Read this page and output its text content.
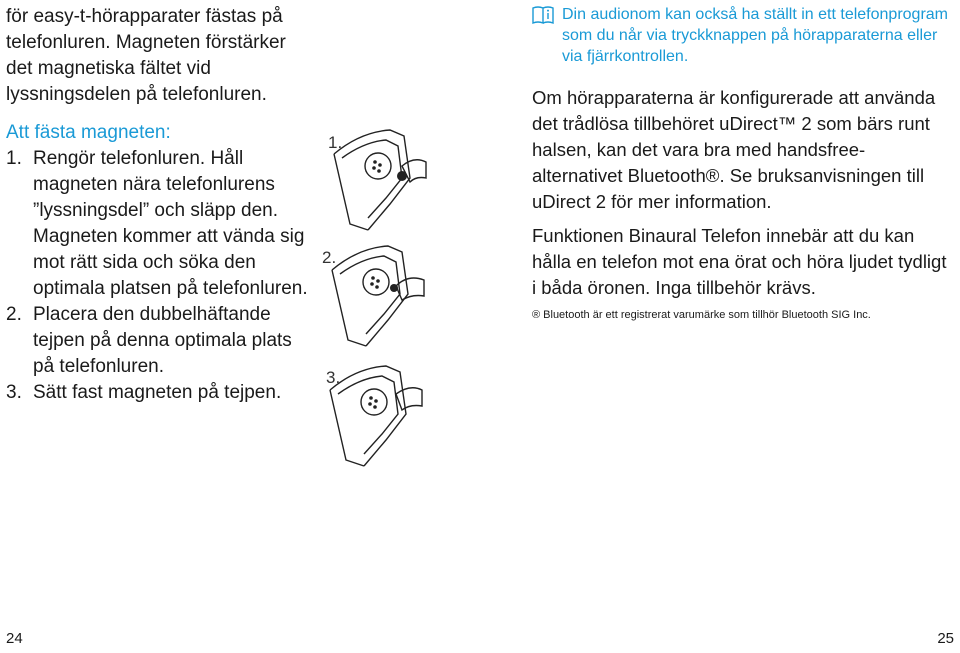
för easy-t-hörapparater fästas på telefonluren. Magneten förstärker det magnetiska fältet vid lyssningsdelen på telefonluren.

Att fästa magneten:

1. Rengör telefonluren. Håll magneten nära telefonlurens ”lyssningsdel” och släpp den. Magneten kommer att vända sig mot rätt sida och söka den optimala platsen på telefonluren.
2. Placera den dubbelhäftande tejpen på denna optimala plats på telefonluren.
3. Sätt fast magneten på tejpen.
1.
2.
3.
Din audionom kan också ha ställt in ett telefonprogram som du når via tryckknappen på hörapparaterna eller via fjärrkontrollen.

Om hörapparaterna är konfigurerade att använda det trådlösa tillbehöret uDirect™ 2 som bärs runt halsen, kan det vara bra med handsfree-alternativet Bluetooth®. Se bruksanvisningen till uDirect 2 för mer information.

Funktionen Binaural Telefon innebär att du kan hålla en telefon mot ena örat och höra ljudet tydligt i båda öronen. Inga tillbehör krävs.

® Bluetooth är ett registrerat varumärke som tillhör Bluetooth SIG Inc.

24	25
